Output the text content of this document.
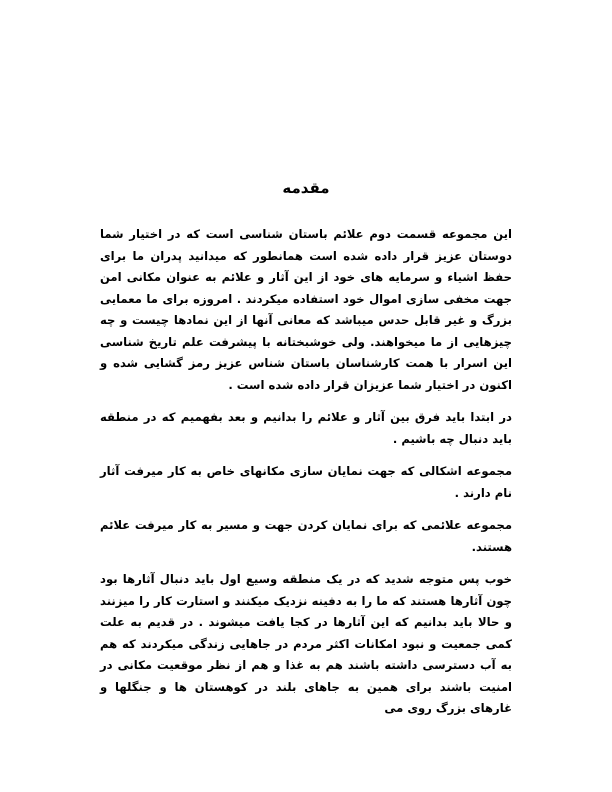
مقدمه

این مجموعه قسمت دوم علائم باستان شناسی است که در اختیار شما دوستان عزیز قرار داده شده است همانطور که میدانید پدران ما برای حفظ اشیاء و سرمایه های خود از این آثار و علائم به عنوان مکانی امن جهت مخفی سازی اموال خود استفاده میکردند . امروزه برای ما معمایی بزرگ و غیر قابل حدس میباشد که معانی آنها از این نمادها چیست و چه چیزهایی از ما میخواهند. ولی خوشبختانه با پیشرفت علم تاریخ شناسی این اسرار با همت کارشناسان باستان شناس عزیز رمز گشایی شده و اکنون در اختیار شما عزیزان قرار داده شده است .

در ابتدا باید فرق بین آثار و علائم را بدانیم و بعد بفهمیم که در منطقه باید دنبال چه باشیم .

مجموعه اشکالی که جهت نمایان سازی مکانهای خاص به کار میرفت آثار نام دارند .

مجموعه علائمی که برای نمایان کردن جهت و مسیر به کار میرفت علائم هستند.

خوب پس متوجه شدید که در یک منطقه وسیع اول باید دنبال آثارها بود چون آثارها هستند که ما را به دفینه نزدیک میکنند و استارت کار را میزنند و حالا باید بدانیم که این آثارها در کجا یافت میشوند . در قدیم به علت کمی جمعیت و نبود امکانات اکثر مردم در جاهایی زندگی میکردند که هم به آب دسترسی داشته باشند هم به غذا و هم از نظر موقعیت مکانی در امنیت باشند برای همین به جاهای بلند در کوهستان ها و جنگلها و غارهای بزرگ روی می
